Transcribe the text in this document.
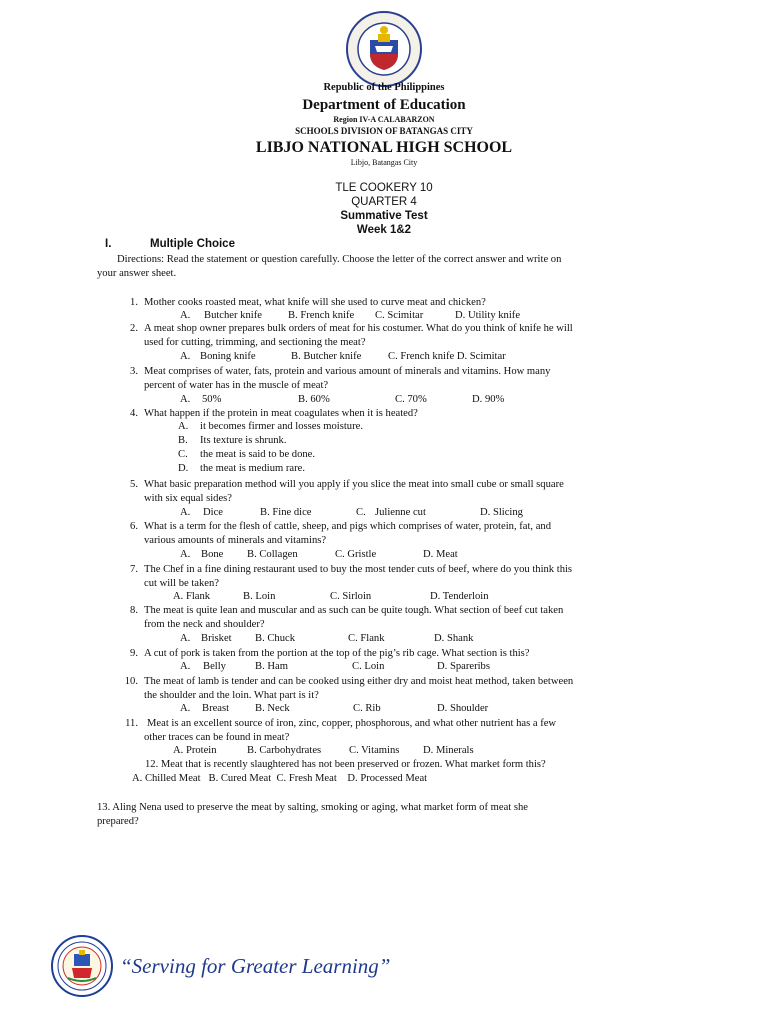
Republic of the Philippines
Department of Education
Region IV-A CALABARZON
SCHOOLS DIVISION OF BATANGAS CITY
LIBJO NATIONAL HIGH SCHOOL
Libjo, Batangas City
TLE COOKERY 10
QUARTER 4
Summative Test
Week 1&2
I.	Multiple Choice
Directions: Read the statement or question carefully. Choose the letter of the correct answer and write on
your answer sheet.
1. Mother cooks roasted meat, what knife will she used to curve meat and chicken?
A. Butcher knife B. French knife C. Scimitar	D. Utility knife
2. A meat shop owner prepares bulk orders of meat for his costumer. What do you think of knife he will
used for cutting, trimming, and sectioning the meat?
A. Boning knife	B. Butcher knife	C. French knife D. Scimitar
3. Meat comprises of water, fats, protein and various amount of minerals and vitamins. How many
percent of water has in the muscle of meat?
A. 50%	B. 60%	C. 70%	D. 90%
4. What happen if the protein in meat coagulates when it is heated?
A. it becomes firmer and losses moisture.
B. Its texture is shrunk.
C. the meat is said to be done.
D. the meat is medium rare.
5. What basic preparation method will you apply if you slice the meat into small cube or small square
with six equal sides?
A. Dice	B. Fine dice	C. Julienne cut	D. Slicing
6. What is a term for the flesh of cattle, sheep, and pigs which comprises of water, protein, fat, and
various amounts of minerals and vitamins?
A. Bone B. Collagen	C. Gristle	D. Meat
7. The Chef in a fine dining restaurant used to buy the most tender cuts of beef, where do you think this
cut will be taken?
A. Flank	B. Loin	C. Sirloin	D. Tenderloin
8. The meat is quite lean and muscular and as such can be quite tough. What section of beef cut taken
from the neck and shoulder?
A. Brisket B. Chuck	C. Flank	D. Shank
9. A cut of pork is taken from the portion at the top of the pig’s rib cage. What section is this?
A. Belly	B. Ham	C. Loin	D. Spareribs
10. The meat of lamb is tender and can be cooked using either dry and moist heat method, taken between
the shoulder and the loin. What part is it?
A. Breast B. Neck	C. Rib	D. Shoulder
11. Meat is an excellent source of iron, zinc, copper, phosphorous, and what other nutrient has a few
other traces can be found in meat?
A. Protein	B. Carbohydrates	C. Vitamins D. Minerals
12. Meat that is recently slaughtered has not been preserved or frozen. What market form this?
A. Chilled Meat   B. Cured Meat  C. Fresh Meat    D. Processed Meat
13. Aling Nena used to preserve the meat by salting, smoking or aging, what market form of meat she
prepared?
“Serving for Greater Learning”
